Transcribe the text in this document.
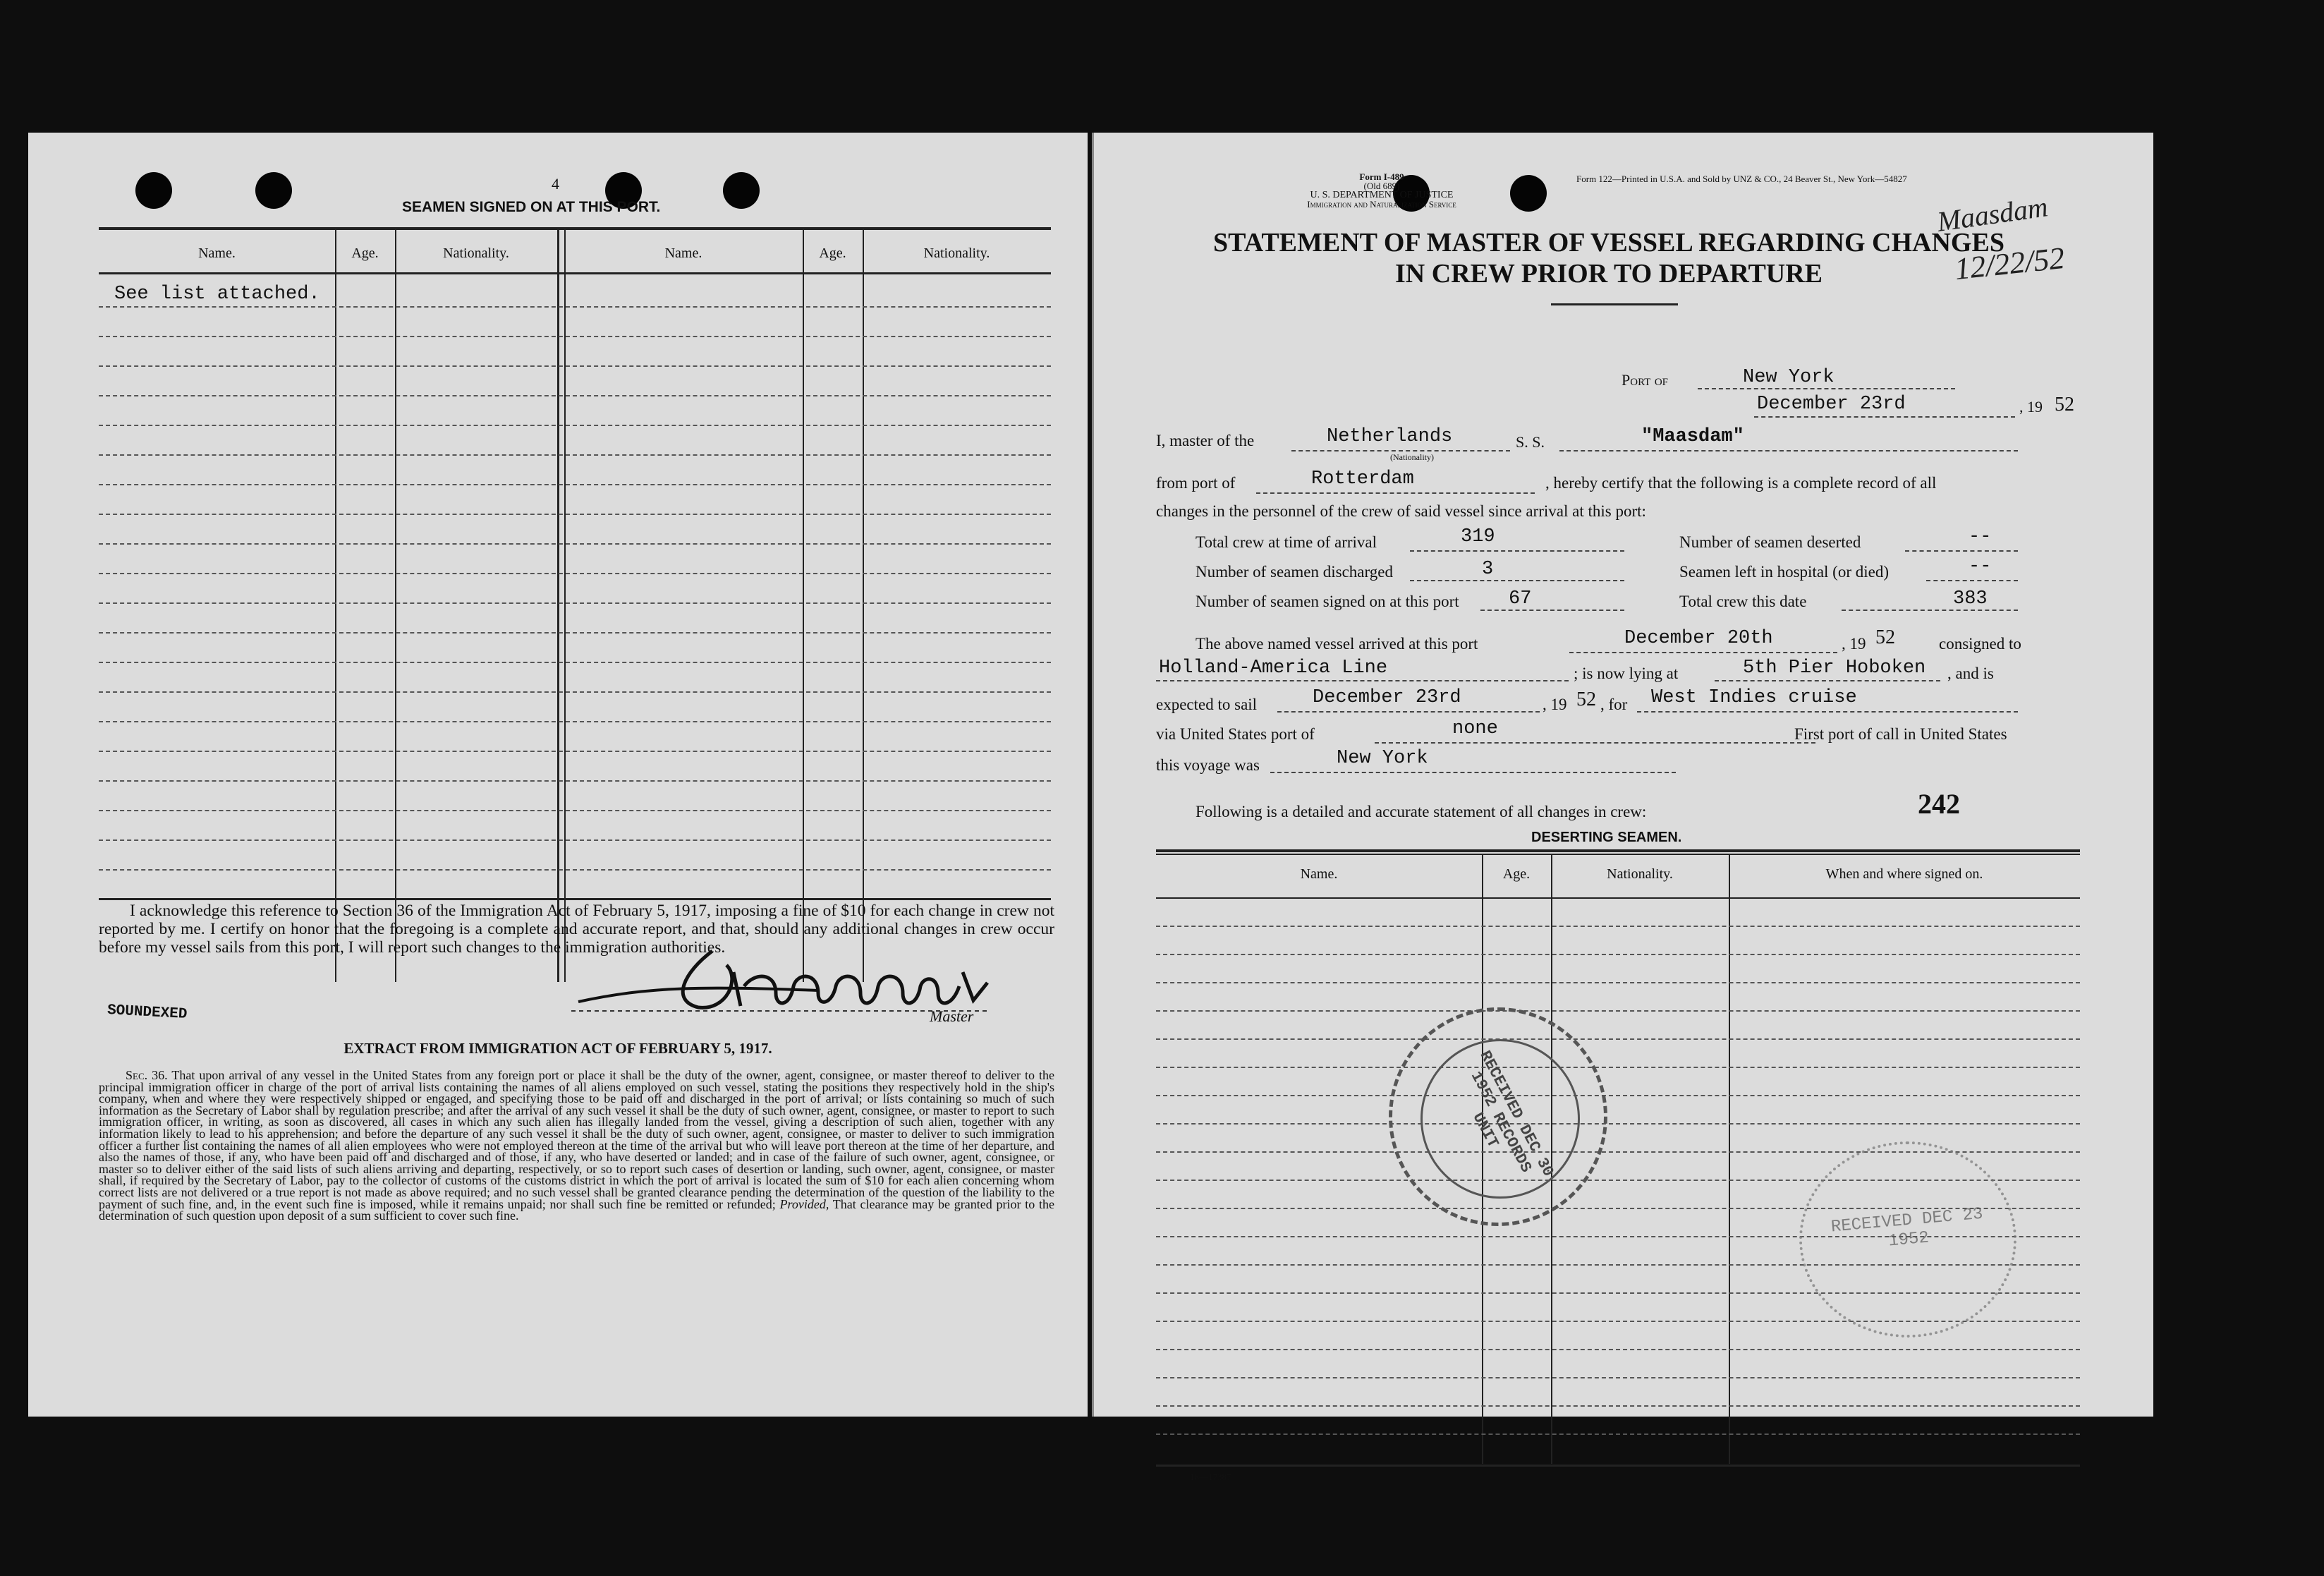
4
SEAMEN SIGNED ON AT THIS PORT.
Name.	Age.	Nationality.	Name.	Age.	Nationality.
See list attached.
I acknowledge this reference to Section 36 of the Immigration Act of February 5, 1917, imposing a fine of $10 for each change in crew not reported by me. I certify on honor that the foregoing is a complete and accurate report, and that, should any additional changes in crew occur before my vessel sails from this port, I will report such changes to the immigration authorities.
Master
SOUNDEXED
EXTRACT FROM IMMIGRATION ACT OF FEBRUARY 5, 1917.
Sec. 36. That upon arrival of any vessel in the United States from any foreign port or place it shall be the duty of the owner, agent, consignee, or master thereof to deliver to the principal immigration officer in charge of the port of arrival lists containing the names of all aliens employed on such vessel, stating the positions they respectively hold in the ship's company, when and where they were respectively shipped or engaged, and specifying those to be paid off and discharged in the port of arrival; or lists containing so much of such information as the Secretary of Labor shall by regulation prescribe; and after the arrival of any such vessel it shall be the duty of such owner, agent, consignee, or master to report to such immigration officer, in writing, as soon as discovered, all cases in which any such alien has illegally landed from the vessel, giving a description of such alien, together with any information likely to lead to his apprehension; and before the departure of any such vessel it shall be the duty of such owner, agent, consignee, or master to deliver to such immigration officer a further list containing the names of all alien employees who were not employed thereon at the time of the arrival but who will leave port thereon at the time of her departure, and also the names of those, if any, who have been paid off and discharged and of those, if any, who have deserted or landed; and in case of the failure of such owner, agent, consignee, or master so to deliver either of the said lists of such aliens arriving and departing, respectively, or so to report such cases of desertion or landing, such owner, agent, consignee, or master shall, if required by the Secretary of Labor, pay to the collector of customs of the customs district in which the port of arrival is located the sum of $10 for each alien concerning whom correct lists are not delivered or a true report is not made as above required; and no such vessel shall be granted clearance pending the determination of the question of the liability to the payment of such fine, and, in the event such fine is imposed, while it remains unpaid; nor shall such fine be remitted or refunded; Provided, That clearance may be granted prior to the determination of such question upon deposit of a sum sufficient to cover such fine.
Form I-489
(Old 689)
U. S. DEPARTMENT OF JUSTICE
Immigration and Naturalization Service
Form 122—Printed in U.S.A. and Sold by UNZ & CO., 24 Beaver St., New York—54827
Maasdam
12/22/52
STATEMENT OF MASTER OF VESSEL REGARDING CHANGES
IN CREW PRIOR TO DEPARTURE
Port of	New York
December 23rd	, 19 52
I, master of the	Netherlands
(Nationality)
S. S.	"Maasdam"
from port of	Rotterdam	, hereby certify that the following is a complete record of all
changes in the personnel of the crew of said vessel since arrival at this port:
Total crew at time of arrival	319
Number of seamen discharged	3
Number of seamen signed on at this port	67
Number of seamen deserted	--
Seamen left in hospital (or died)	--
Total crew this date	383
The above named vessel arrived at this port	December 20th	, 19 52	consigned to
Holland-America Line	; is now lying at	5th Pier Hoboken , and is
expected to sail	December 23rd	, 19 52 , for West Indies cruise
via United States port of	none	First port of call in United States
this voyage was	New York
Following is a detailed and accurate statement of all changes in crew:	242
DESERTING SEAMEN.
Name.	Age.	Nationality.	When and where signed on.
16—17387
RECEIVED DEC 30 1952 RECORDS UNIT
RECEIVED DEC 23 1952
